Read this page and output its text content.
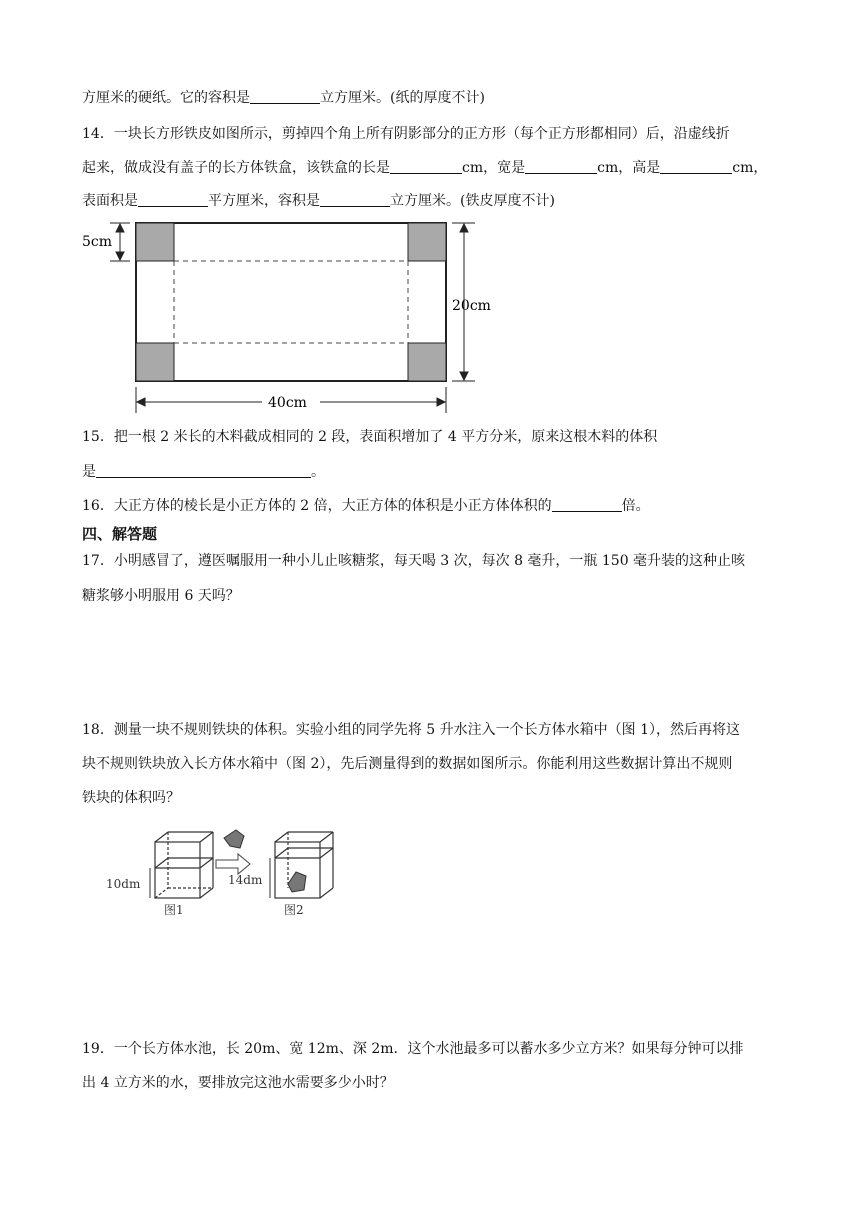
方厘米的硬纸。它的容积是	立方厘米。(纸的厚度不计)
14．一块长方形铁皮如图所示，剪掉四个角上所有阴影部分的正方形（每个正方形都相同）后，沿虚线折
起来，做成没有盖子的长方体铁盒，该铁盒的长是	cm，宽是	cm，高是	cm，
表面积是	平方厘米，容积是	立方厘米。(铁皮厚度不计)
5cm
20cm
40cm
15．把一根 2 米长的木料截成相同的 2 段，表面积增加了 4 平方分米，原来这根木料的体积
是	。
16．大正方体的棱长是小正方体的 2 倍，大正方体的体积是小正方体体积的	倍。
四、解答题
17．小明感冒了，遵医嘱服用一种小儿止咳糖浆，每天喝 3 次，每次 8 毫升，一瓶 150 毫升装的这种止咳
糖浆够小明服用 6 天吗？
18．测量一块不规则铁块的体积。实验小组的同学先将 5 升水注入一个长方体水箱中（图 1），然后再将这
块不规则铁块放入长方体水箱中（图 2），先后测量得到的数据如图所示。你能利用这些数据计算出不规则
铁块的体积吗？
10dm
图1
14dm
图2
19．一个长方体水池，长 20m、宽 12m、深 2m．这个水池最多可以蓄水多少立方米？如果每分钟可以排
出 4 立方米的水，要排放完这池水需要多少小时？
